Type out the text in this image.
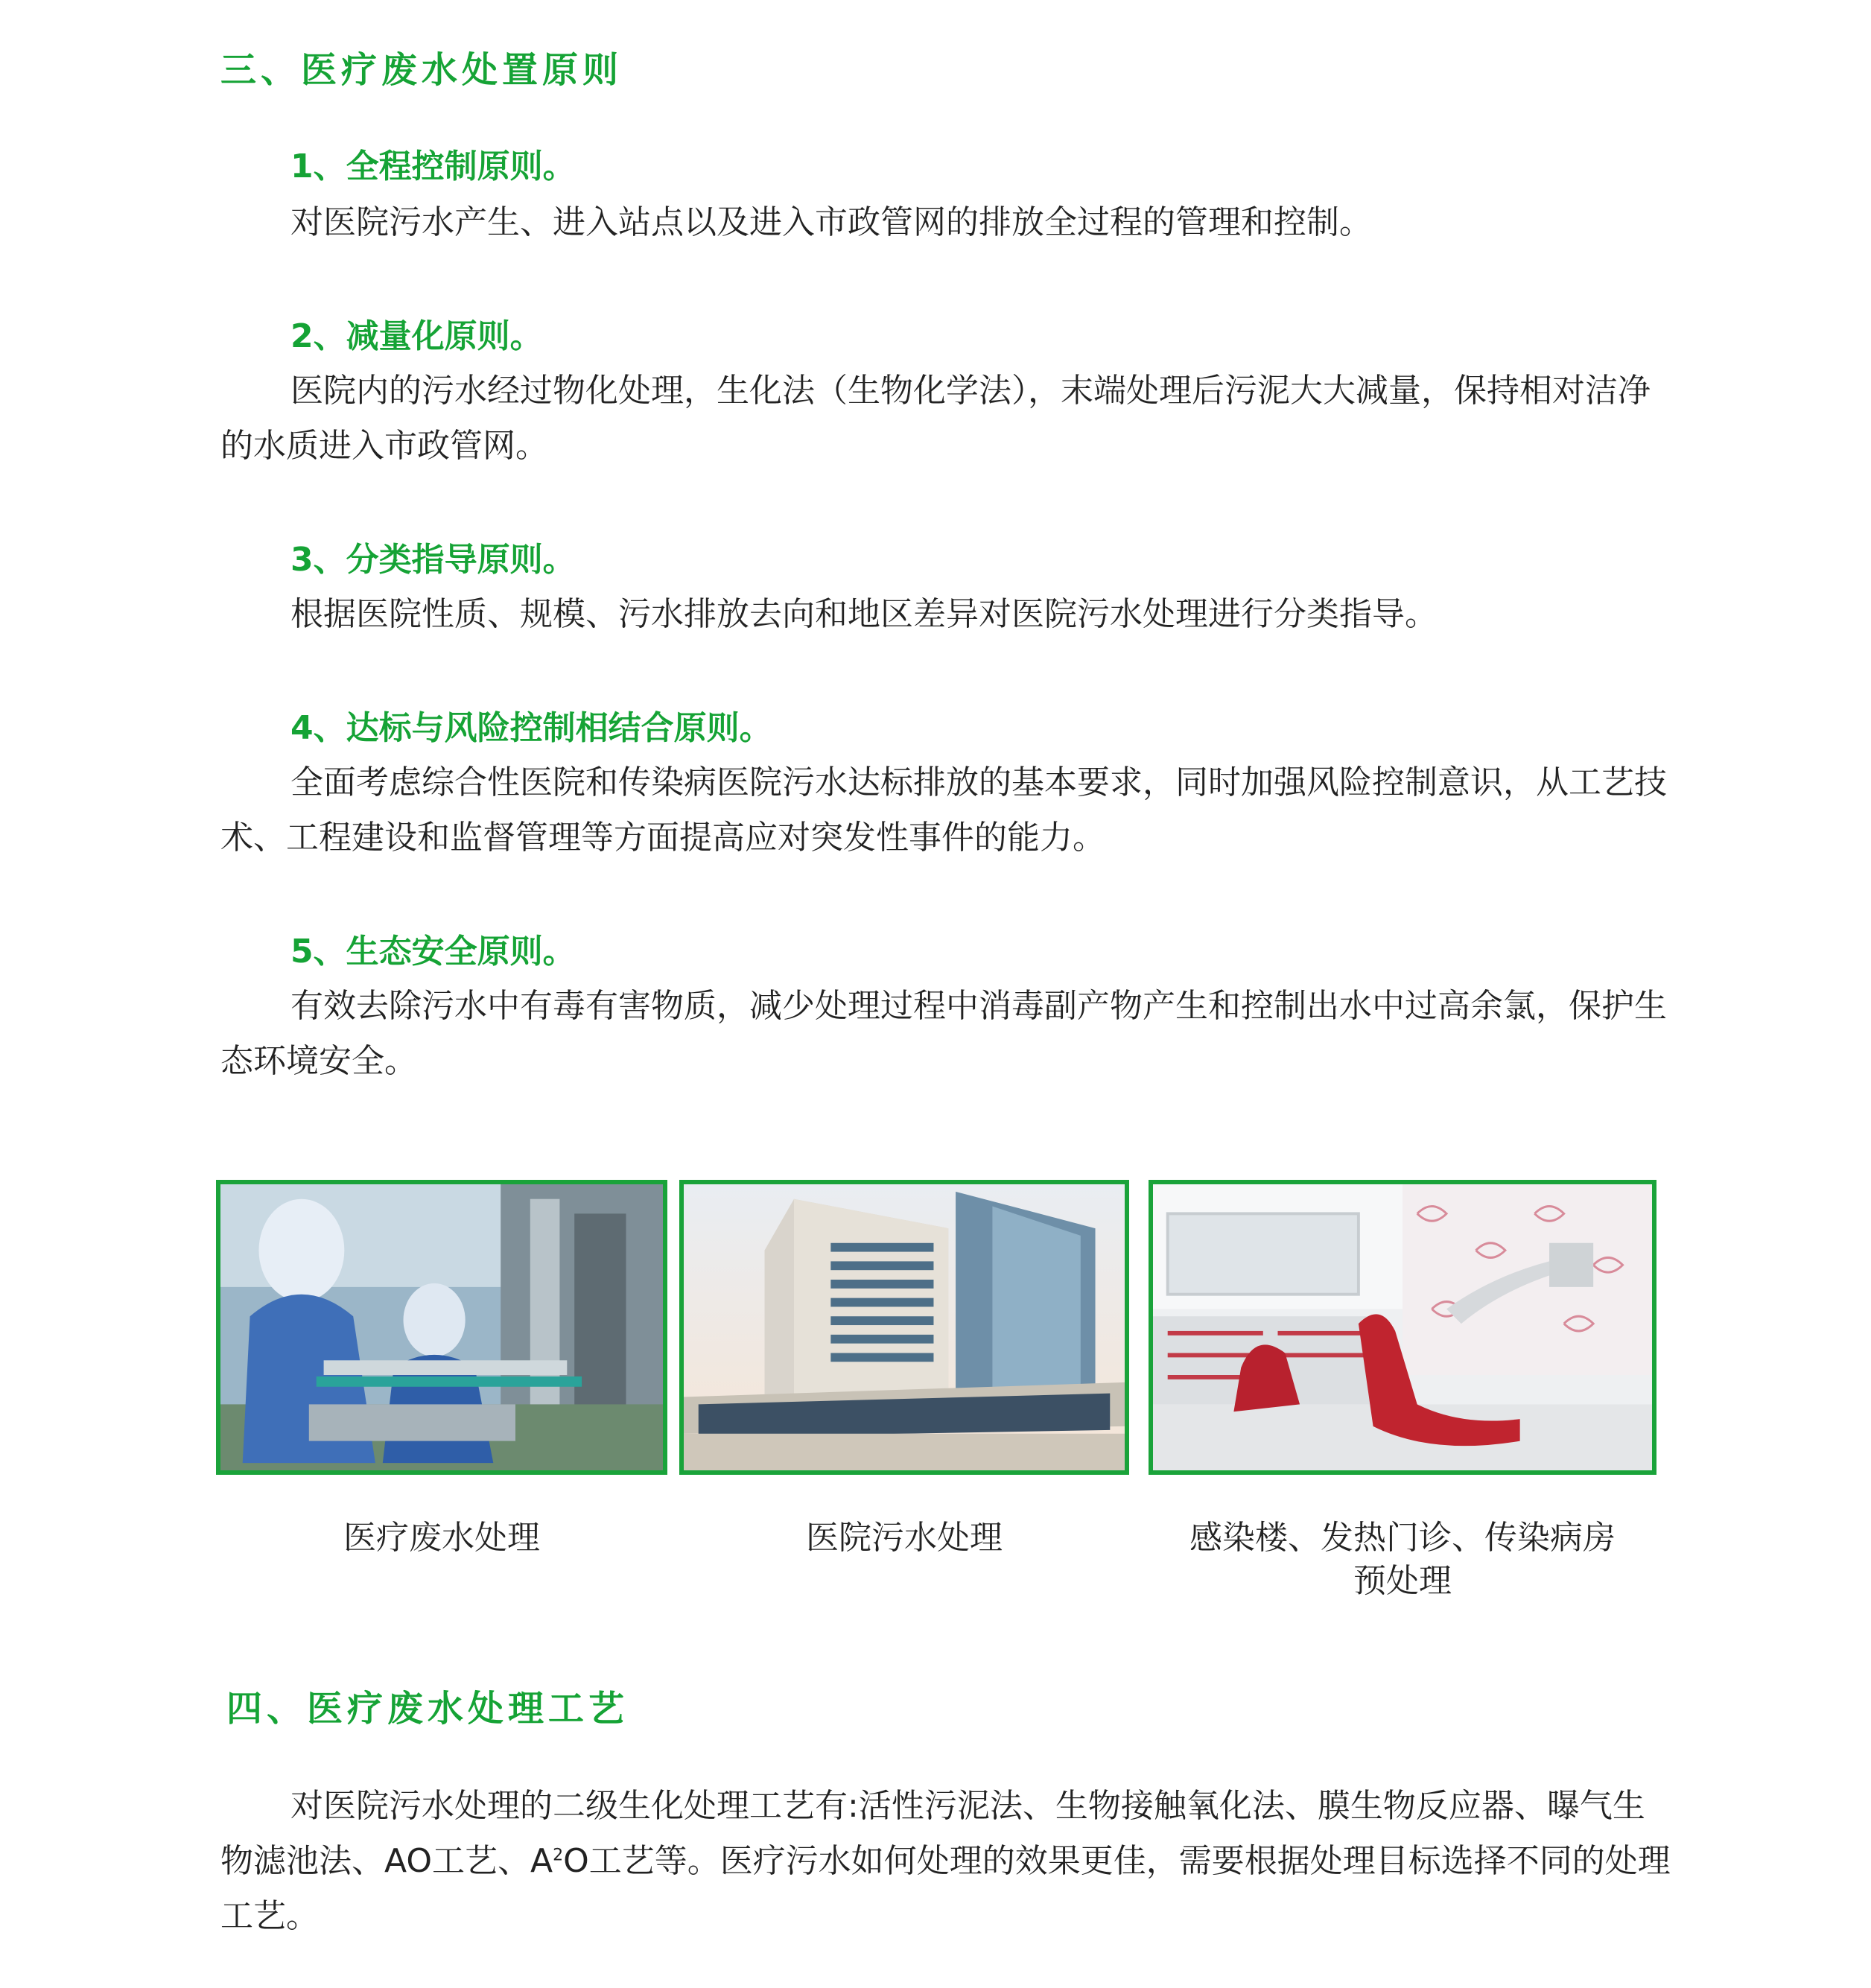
三、医疗废水处置原则
1、全程控制原则。

对医院污水产生、进入站点以及进入市政管网的排放全过程的管理和控制。

2、减量化原则。

医院内的污水经过物化处理，生化法（生物化学法），末端处理后污泥大大减量，保持相对洁净的水质进入市政管网。

3、分类指导原则。

根据医院性质、规模、污水排放去向和地区差异对医院污水处理进行分类指导。

4、达标与风险控制相结合原则。

全面考虑综合性医院和传染病医院污水达标排放的基本要求，同时加强风险控制意识，从工艺技术、工程建设和监督管理等方面提高应对突发性事件的能力。

5、生态安全原则。

有效去除污水中有毒有害物质，减少处理过程中消毒副产物产生和控制出水中过高余氯，保护生态环境安全。

医疗废水处理	医院污水处理	感染楼、发热门诊、传染病房
预处理

四、医疗废水处理工艺

对医院污水处理的二级生化处理工艺有:活性污泥法、生物接触氧化法、膜生物反应器、曝气生物滤池法、AO工艺、$A^2O$工艺等。医疗污水如何处理的效果更佳，需要根据处理目标选择不同的处理工艺。
